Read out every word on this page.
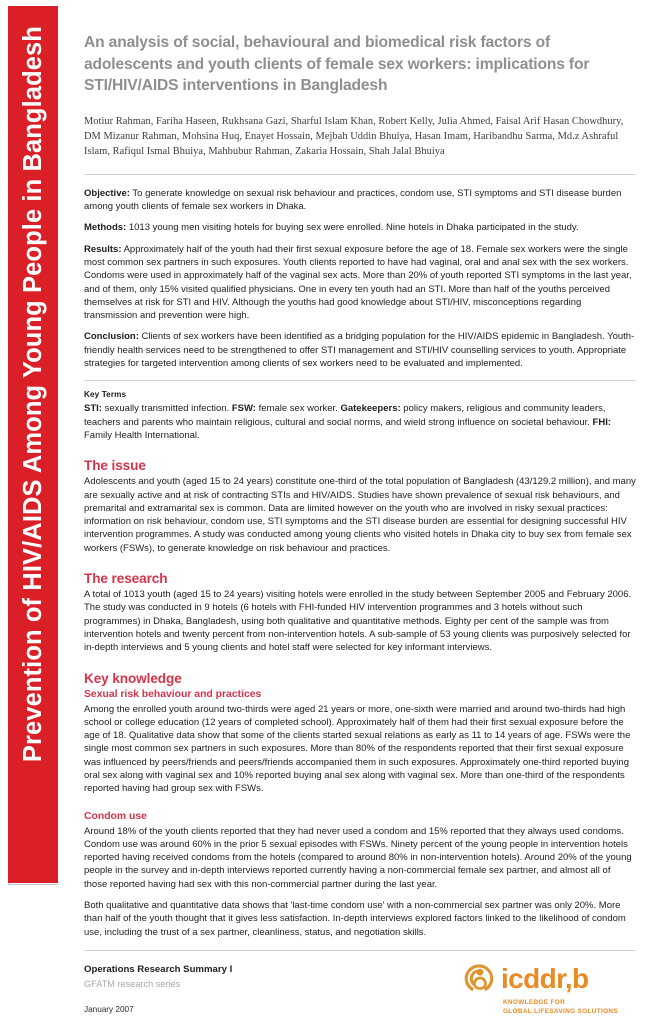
Prevention of HIV/AIDS Among Young People in Bangladesh	An analysis of social, behavioural and biomedical risk factors of adolescents and youth clients of female sex workers: implications for STI/HIV/AIDS interventions in Bangladesh
Motiur Rahman, Fariha Haseen, Rukhsana Gazi, Sharful Islam Khan, Robert Kelly, Julia Ahmed, Faisal Arif Hasan Chowdhury, DM Mizanur Rahman, Mohsina Huq, Enayet Hossain, Mejbah Uddin Bhuiya, Hasan Imam, Haribandhu Sarma, Md.z Ashraful Islam, Rafiqul Ismal Bhuiya, Mahbubur Rahman, Zakaria Hossain, Shah Jalal Bhuiya

Objective: To generate knowledge on sexual risk behaviour and practices, condom use, STI symptoms and STI disease burden among youth clients of female sex workers in Dhaka.

Methods: 1013 young men visiting hotels for buying sex were enrolled. Nine hotels in Dhaka participated in the study.

Results: Approximately half of the youth had their first sexual exposure before the age of 18. Female sex workers were the single most common sex partners in such exposures. Youth clients reported to have had vaginal, oral and anal sex with the sex workers. Condoms were used in approximately half of the vaginal sex acts. More than 20% of youth reported STI symptoms in the last year, and of them, only 15% visited qualified physicians. One in every ten youth had an STI. More than half of the youths perceived themselves at risk for STI and HIV. Although the youths had good knowledge about STI/HIV, misconceptions regarding transmission and prevention were high.

Conclusion: Clients of sex workers have been identified as a bridging population for the HIV/AIDS epidemic in Bangladesh. Youth-friendly health services need to be strengthened to offer STI management and STI/HIV counselling services to youth. Appropriate strategies for targeted intervention among clients of sex workers need to be evaluated and implemented.

Key Terms
STI: sexually transmitted infection. FSW: female sex worker. Gatekeepers: policy makers, religious and community leaders, teachers and parents who maintain religious, cultural and social norms, and wield strong influence on societal behaviour. FHI: Family Health International.
The issue

Adolescents and youth (aged 15 to 24 years) constitute one-third of the total population of Bangladesh (43/129.2 million), and many are sexually active and at risk of contracting STIs and HIV/AIDS. Studies have shown prevalence of sexual risk behaviours, and premarital and extramarital sex is common. Data are limited however on the youth who are involved in risky sexual practices: information on risk behaviour, condom use, STI symptoms and the STI disease burden are essential for designing successful HIV intervention programmes. A study was conducted among young clients who visited hotels in Dhaka city to buy sex from female sex workers (FSWs), to generate knowledge on risk behaviour and practices.

The research

A total of 1013 youth (aged 15 to 24 years) visiting hotels were enrolled in the study between September 2005 and February 2006. The study was conducted in 9 hotels (6 hotels with FHI-funded HIV intervention programmes and 3 hotels without such programmes) in Dhaka, Bangladesh, using both qualitative and quantitative methods. Eighty per cent of the sample was from intervention hotels and twenty percent from non-intervention hotels. A sub-sample of 53 young clients was purposively selected for in-depth interviews and 5 young clients and hotel staff were selected for key informant interviews.

Key knowledge
Sexual risk behaviour and practices

Among the enrolled youth around two-thirds were aged 21 years or more, one-sixth were married and around two-thirds had high school or college education (12 years of completed school). Approximately half of them had their first sexual exposure before the age of 18. Qualitative data show that some of the clients started sexual relations as early as 11 to 14 years of age. FSWs were the single most common sex partners in such exposures. More than 80% of the respondents reported that their first sexual exposure was influenced by peers/friends and peers/friends accompanied them in such exposures. Approximately one-third reported buying oral sex along with vaginal sex and 10% reported buying anal sex along with vaginal sex. More than one-third of the respondents reported having had group sex with FSWs.

Condom use

Around 18% of the youth clients reported that they had never used a condom and 15% reported that they always used condoms. Condom use was around 60% in the prior 5 sexual episodes with FSWs. Ninety percent of the young people in intervention hotels reported having received condoms from the hotels (compared to around 80% in non-intervention hotels). Around 20% of the young people in the survey and in-depth interviews reported currently having a non-commercial female sex partner, and almost all of those reported having had sex with this non-commercial partner during the last year.

Both qualitative and quantitative data shows that 'last-time condom use' with a non-commercial sex partner was only 20%. More than half of the youth thought that it gives less satisfaction. In-depth interviews explored factors linked to the likelihood of condom use, including the trust of a sex partner, cleanliness, status, and negotiation skills.

Operations Research Summary I
GFATM research series
January 2007
icddr,b
KNOWLEDGE FOR
GLOBAL LIFESAVING SOLUTIONS
